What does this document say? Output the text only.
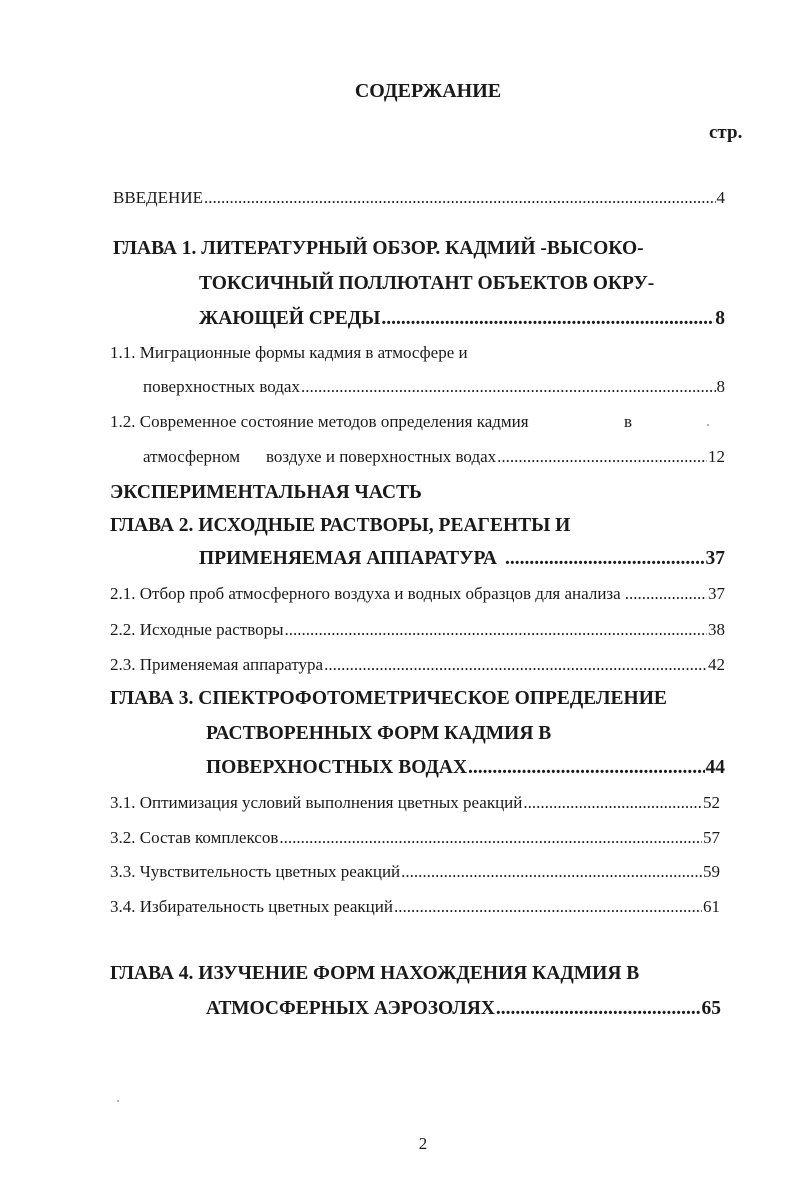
СОДЕРЖАНИЕ
стр.
ВВЕДЕНИЕ .....	4
ГЛАВА 1. ЛИТЕРАТУРНЫЙ ОБЗОР. КАДМИЙ -ВЫСОКО-
ТОКСИЧНЫЙ ПОЛЛЮТАНТ ОБЪЕКТОВ ОКРУ-
ЖАЮЩЕЙ СРЕДЫ .....	8
1.1. Миграционные формы кадмия в атмосфере и
поверхностных водах .....	8
1.2. Современное состояние методов определения кадмия	в
атмосферном воздухе и поверхностных водах .....	12
ЭКСПЕРИМЕНТАЛЬНАЯ ЧАСТЬ
ГЛАВА 2. ИСХОДНЫЕ РАСТВОРЫ, РЕАГЕНТЫ И
ПРИМЕНЯЕМАЯ АППАРАТУРА .....	37
2.1. Отбор проб атмосферного воздуха и водных образцов для анализа .....	37
2.2. Исходные растворы .....	38
2.3. Применяемая аппаратура .....	42
ГЛАВА 3. СПЕКТРОФОТОМЕТРИЧЕСКОЕ ОПРЕДЕЛЕНИЕ
РАСТВОРЕННЫХ ФОРМ КАДМИЯ В
ПОВЕРХНОСТНЫХ ВОДАХ .....	44
3.1. Оптимизация условий выполнения цветных реакций .....	52
3.2. Состав комплексов .....	57
3.3. Чувствительность цветных реакций .....	59
3.4. Избирательность цветных реакций .....	61
ГЛАВА 4. ИЗУЧЕНИЕ ФОРМ НАХОЖДЕНИЯ КАДМИЯ В
АТМОСФЕРНЫХ АЭРОЗОЛЯХ .....	65
2
